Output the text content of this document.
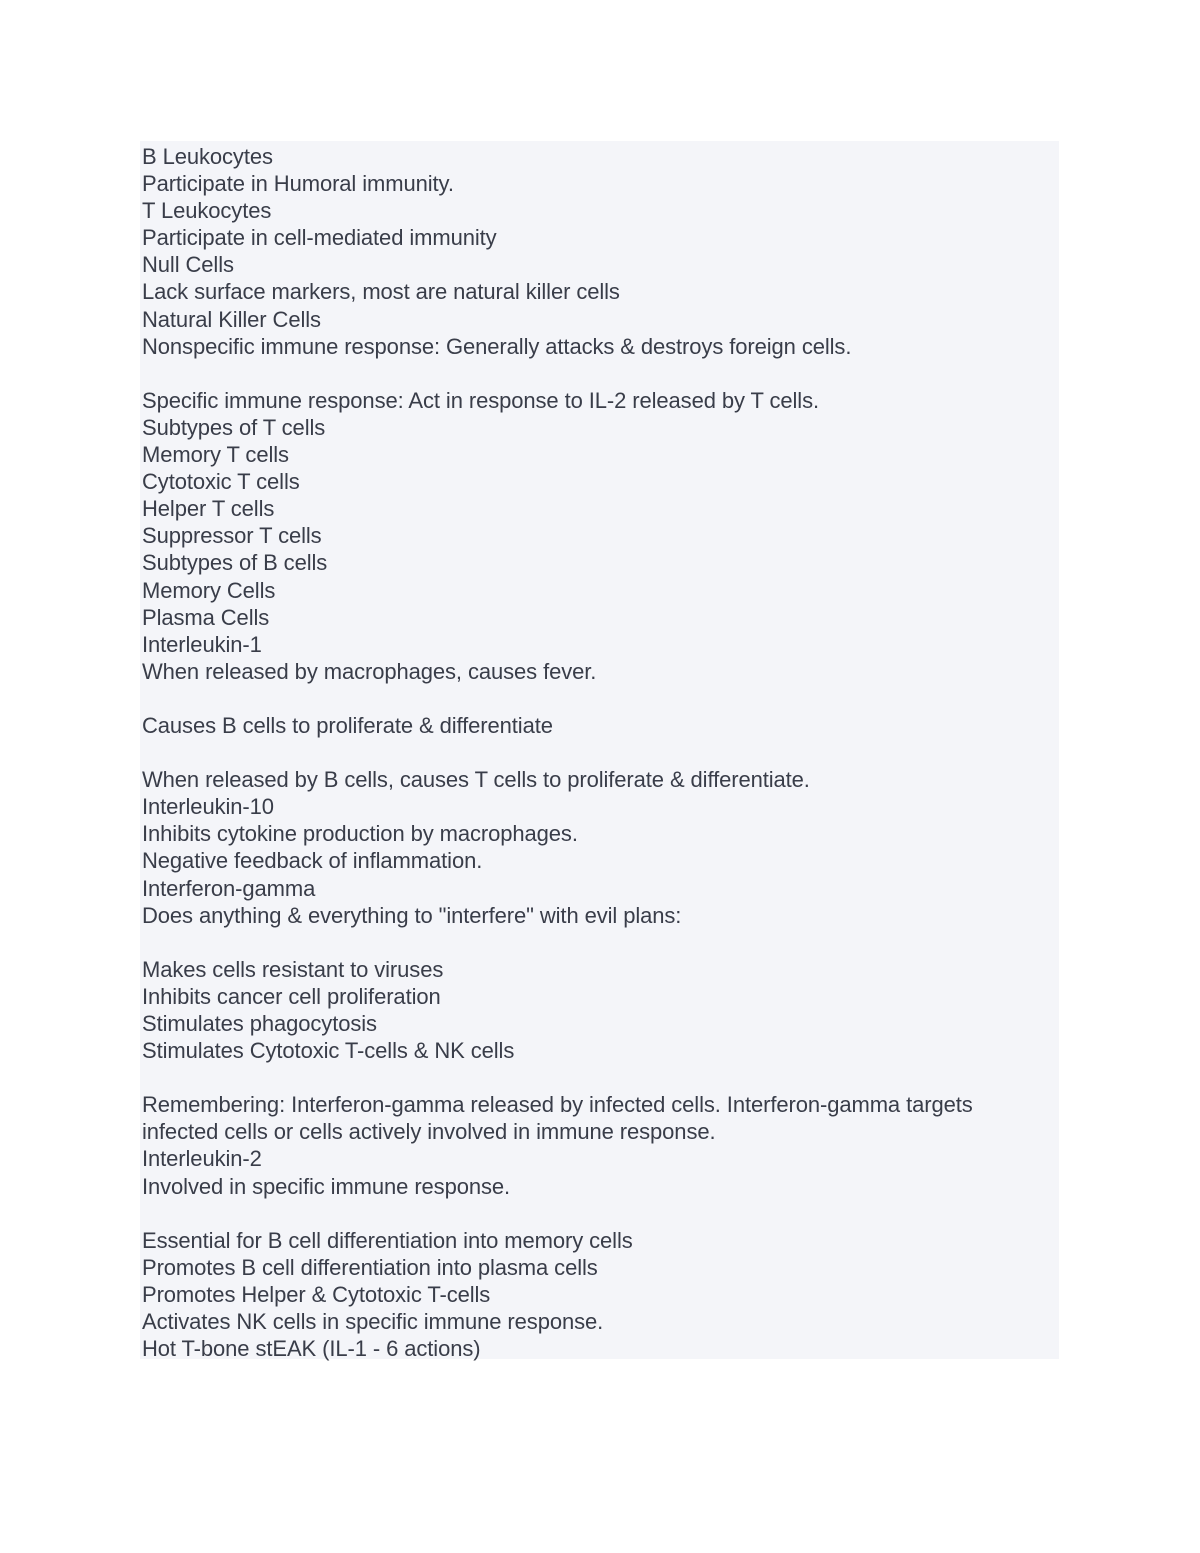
B Leukocytes
Participate in Humoral immunity.
T Leukocytes
Participate in cell-mediated immunity
Null Cells
Lack surface markers, most are natural killer cells
Natural Killer Cells
Nonspecific immune response: Generally attacks & destroys foreign cells.
Specific immune response: Act in response to IL-2 released by T cells.
Subtypes of T cells
Memory T cells
Cytotoxic T cells
Helper T cells
Suppressor T cells
Subtypes of B cells
Memory Cells
Plasma Cells
Interleukin-1
When released by macrophages, causes fever.
Causes B cells to proliferate & differentiate
When released by B cells, causes T cells to proliferate & differentiate.
Interleukin-10
Inhibits cytokine production by macrophages.
Negative feedback of inflammation.
Interferon-gamma
Does anything & everything to "interfere" with evil plans:
Makes cells resistant to viruses
Inhibits cancer cell proliferation
Stimulates phagocytosis
Stimulates Cytotoxic T-cells & NK cells
Remembering: Interferon-gamma released by infected cells. Interferon-gamma targets
infected cells or cells actively involved in immune response.
Interleukin-2
Involved in specific immune response.
Essential for B cell differentiation into memory cells
Promotes B cell differentiation into plasma cells
Promotes Helper & Cytotoxic T-cells
Activates NK cells in specific immune response.
Hot T-bone stEAK (IL-1 - 6 actions)
